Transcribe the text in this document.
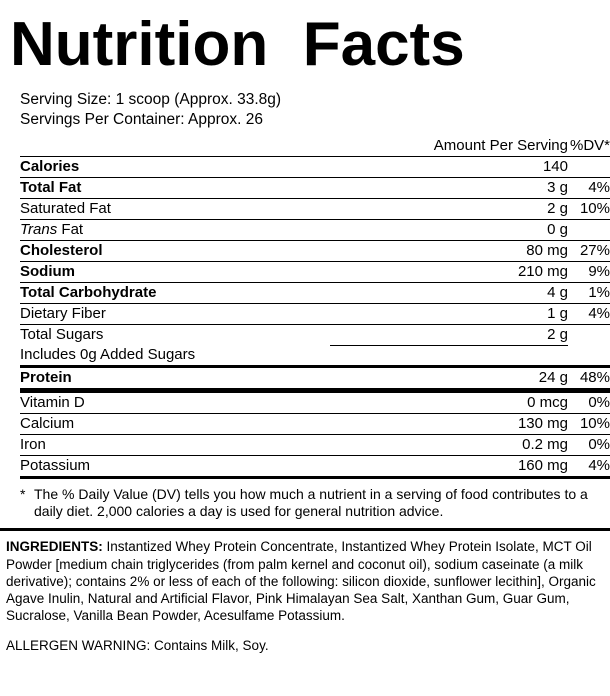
Nutrition  Facts
Serving Size: 1 scoop (Approx. 33.8g)
Servings Per Container: Approx. 26
	Amount Per Serving	%DV*
Calories	140	
Total Fat	3 g	4%
Saturated Fat	2 g	10%
Trans Fat	0 g	
Cholesterol	80 mg	27%
Sodium	210 mg	9%
Total Carbohydrate	4 g	1%
Dietary Fiber	1 g	4%
Total Sugars	2 g	
Includes 0g Added Sugars		
Protein	24 g	48%
Vitamin D	0 mcg	0%
Calcium	130 mg	10%
Iron	0.2 mg	0%
Potassium	160 mg	4%
* The % Daily Value (DV) tells you how much a nutrient in a serving of food contributes to a daily diet. 2,000 calories a day is used for general nutrition advice.
INGREDIENTS: Instantized Whey Protein Concentrate, Instantized Whey Protein Isolate, MCT Oil Powder [medium chain triglycerides (from palm kernel and coconut oil), sodium caseinate (a milk derivative); contains 2% or less of each of the following: silicon dioxide, sunflower lecithin], Organic Agave Inulin, Natural and Artificial Flavor, Pink Himalayan Sea Salt, Xanthan Gum, Guar Gum, Sucralose, Vanilla Bean Powder, Acesulfame Potassium.
ALLERGEN WARNING: Contains Milk, Soy.
